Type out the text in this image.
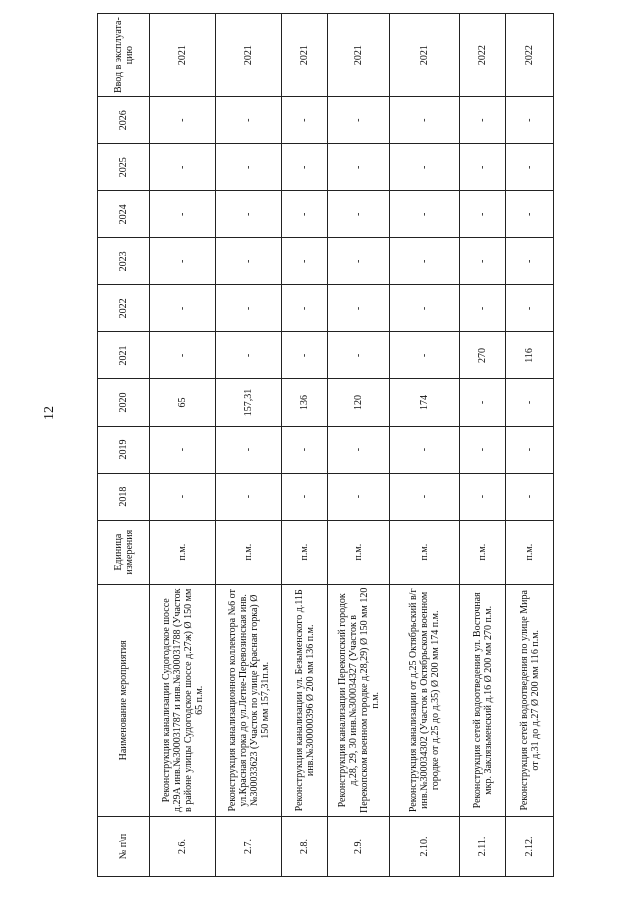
12
№ п\п	Наименование мероприятия	Единица измерения	2018	2019	2020	2021	2022	2023	2024	2025	2026	Ввод в эксплуата-цию
2.6.	Реконструкция канализации Судогодское шоссе д.29А инв.№300031787 и инв.№300031788 (Участок в районе улицы Судогодское шоссе д.27ж) Ø 150 мм 65 п.м.	п.м.	-	-	65	-	-	-	-	-	-	2021
2.7.	Реконструкция канализационного коллектора №6 от ул.Красная горка до ул.Летне-Перевозинская инв.№300033623 (Участок по улице Красная горка) Ø 150 мм 157,31п.м.	п.м.	-	-	157,31	-	-	-	-	-	-	2021
2.8.	Реконструкция канализации ул. Безыменского д.11Б инв.№300000396 Ø 200 мм 136 п.м.	п.м.	-	-	136	-	-	-	-	-	-	2021
2.9.	Реконструкция канализации Перекопский городок д.28, 29, 30 инв.№300034327 (Участок в Перекопском военном городке д.28,29) Ø 150 мм 120 п.м.	п.м.	-	-	120	-	-	-	-	-	-	2021
2.10.	Реконструкция канализации от д.25 Октябрьский в/г инв.№300034302 (Участок в Октябрьском военном городке от д.25 до д.35) Ø 200 мм 174 п.м.	п.м.	-	-	174	-	-	-	-	-	-	2021
2.11.	Реконструкция сетей водоотведения ул. Восточная мкр. Заклязьменский д.16 Ø 200 мм 270 п.м.	п.м.	-	-	-	270	-	-	-	-	-	2022
2.12.	Реконструкция сетей водоотведения по улице Мира от д.31 до д.27 Ø 200 мм 116 п.м.	п.м.	-	-	-	116	-	-	-	-	-	2022
